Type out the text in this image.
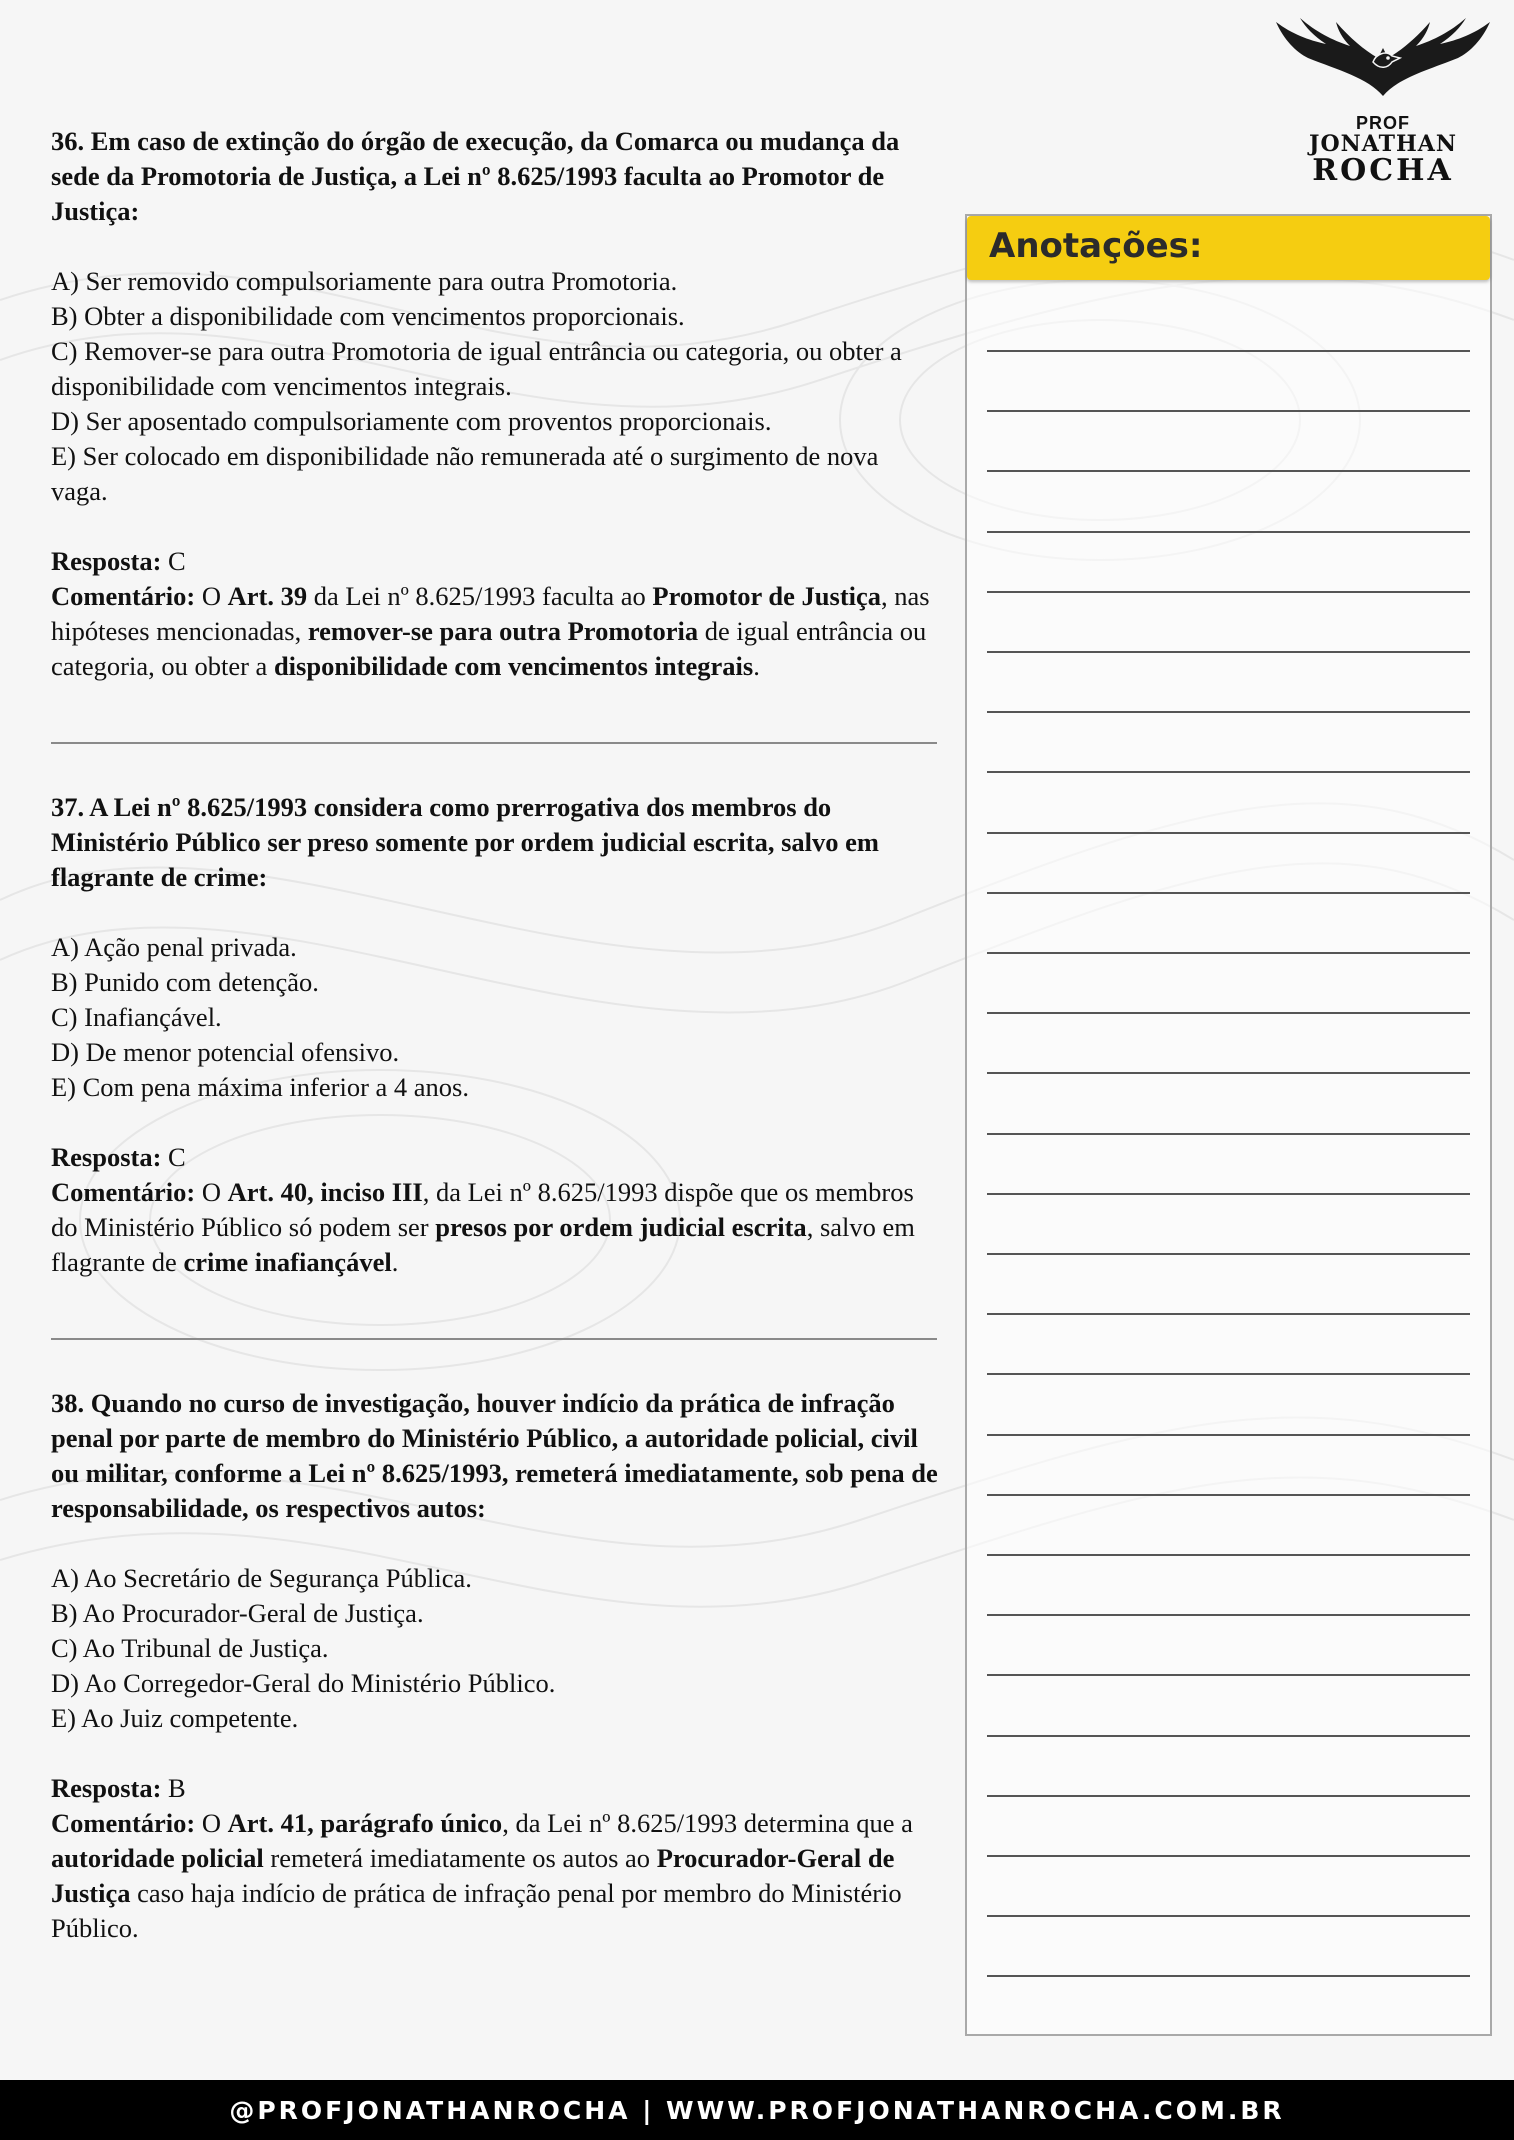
PROF
JONATHAN
ROCHA
36. Em caso de extinção do órgão de execução, da Comarca ou mudança da sede da Promotoria de Justiça, a Lei nº 8.625/1993 faculta ao Promotor de Justiça:
A) Ser removido compulsoriamente para outra Promotoria.
B) Obter a disponibilidade com vencimentos proporcionais.
C) Remover-se para outra Promotoria de igual entrância ou categoria, ou obter a disponibilidade com vencimentos integrais.
D) Ser aposentado compulsoriamente com proventos proporcionais.
E) Ser colocado em disponibilidade não remunerada até o surgimento de nova vaga.
Resposta: C
Comentário: O Art. 39 da Lei nº 8.625/1993 faculta ao Promotor de Justiça, nas hipóteses mencionadas, remover-se para outra Promotoria de igual entrância ou categoria, ou obter a disponibilidade com vencimentos integrais.
37. A Lei nº 8.625/1993 considera como prerrogativa dos membros do Ministério Público ser preso somente por ordem judicial escrita, salvo em flagrante de crime:
A) Ação penal privada.
B) Punido com detenção.
C) Inafiançável.
D) De menor potencial ofensivo.
E) Com pena máxima inferior a 4 anos.
Resposta: C
Comentário: O Art. 40, inciso III, da Lei nº 8.625/1993 dispõe que os membros do Ministério Público só podem ser presos por ordem judicial escrita, salvo em flagrante de crime inafiançável.
38. Quando no curso de investigação, houver indício da prática de infração penal por parte de membro do Ministério Público, a autoridade policial, civil ou militar, conforme a Lei nº 8.625/1993, remeterá imediatamente, sob pena de responsabilidade, os respectivos autos:
A) Ao Secretário de Segurança Pública.
B) Ao Procurador-Geral de Justiça.
C) Ao Tribunal de Justiça.
D) Ao Corregedor-Geral do Ministério Público.
E) Ao Juiz competente.
Resposta: B
Comentário: O Art. 41, parágrafo único, da Lei nº 8.625/1993 determina que a autoridade policial remeterá imediatamente os autos ao Procurador-Geral de Justiça caso haja indício de prática de infração penal por membro do Ministério Público.
Anotações:
@PROFJONATHANROCHA | WWW.PROFJONATHANROCHA.COM.BR
